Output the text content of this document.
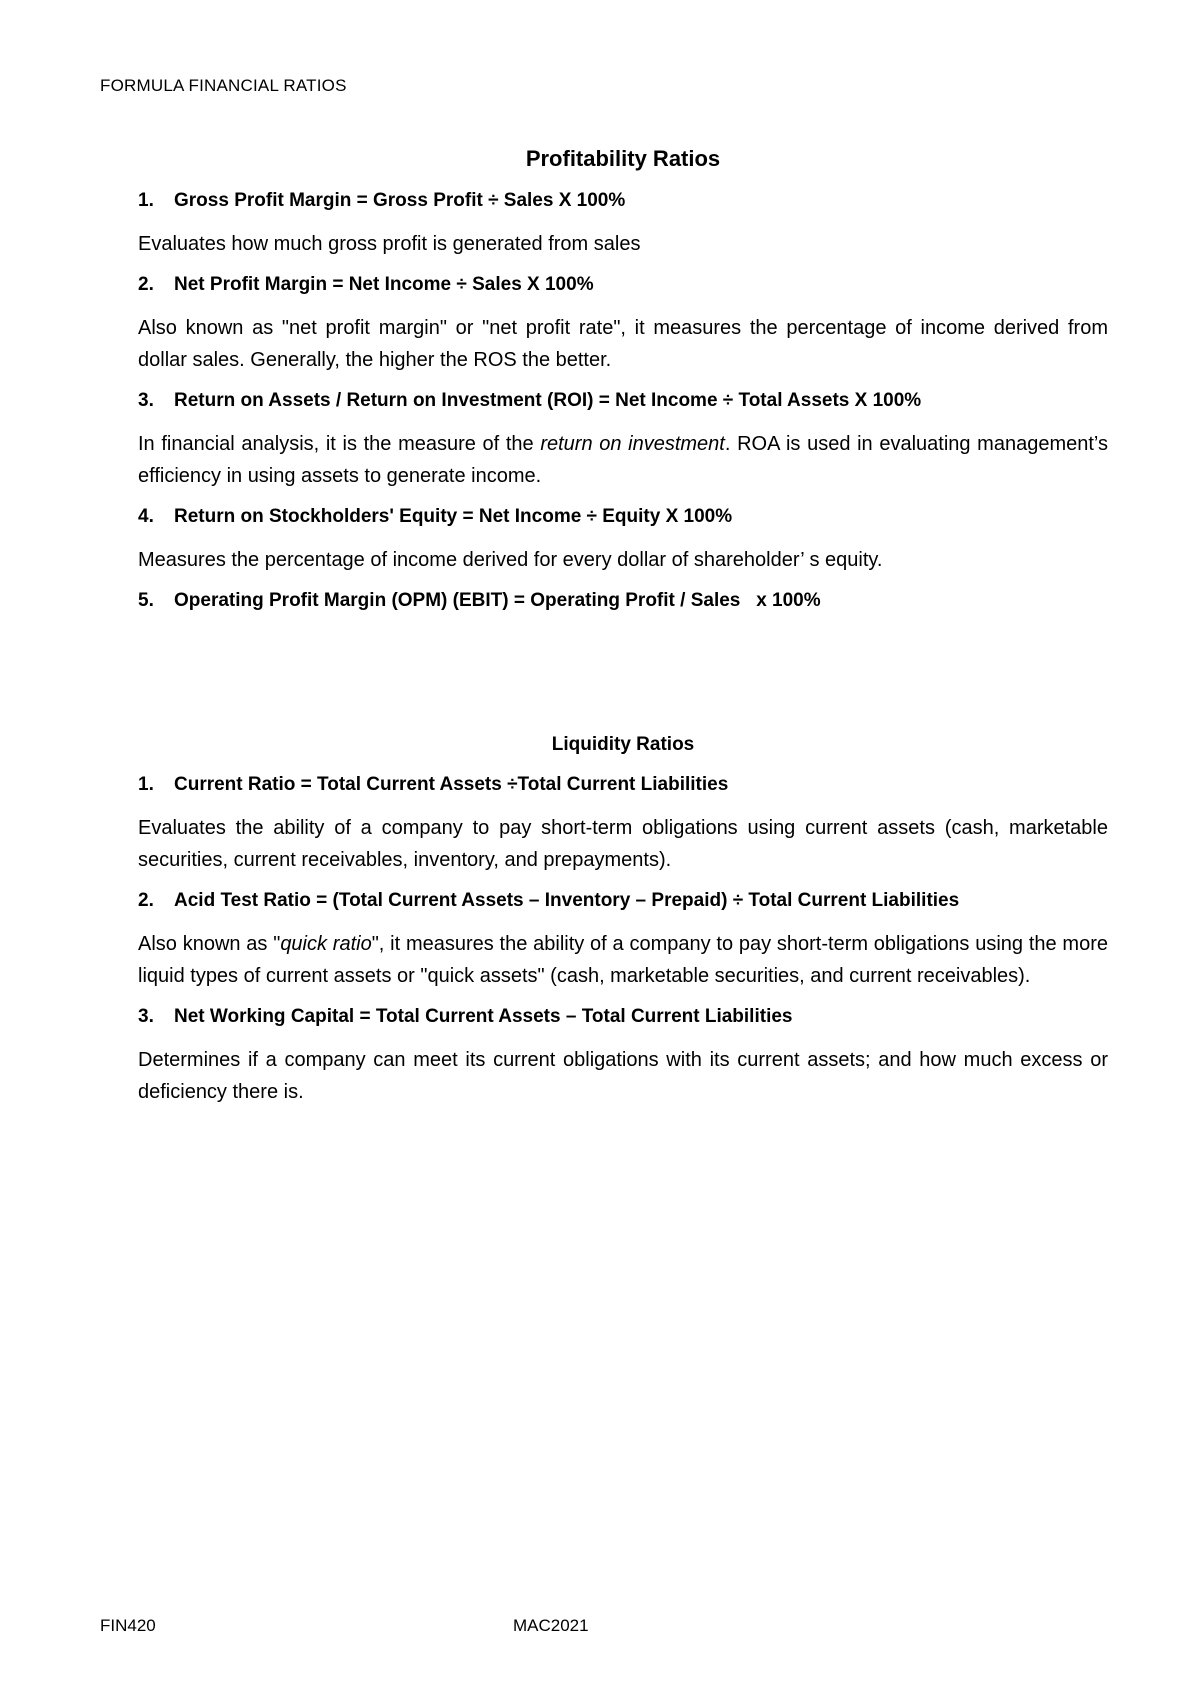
FORMULA FINANCIAL RATIOS
Profitability Ratios

1.	Gross Profit Margin = Gross Profit ÷ Sales X 100%

Evaluates how much gross profit is generated from sales

2.	Net Profit Margin = Net Income ÷ Sales X 100%

Also known as "net profit margin" or "net profit rate", it measures the percentage of income derived from dollar sales. Generally, the higher the ROS the better.

3.	Return on Assets / Return on Investment (ROI) = Net Income ÷ Total Assets X 100%

In financial analysis, it is the measure of the return on investment. ROA is used in evaluating management’s efficiency in using assets to generate income.

4.	Return on Stockholders' Equity = Net Income ÷ Equity X 100%

Measures the percentage of income derived for every dollar of shareholder’ s equity.

5.	Operating Profit Margin (OPM) (EBIT) = Operating Profit / Sales   x 100%

Liquidity Ratios

1.	Current Ratio = Total Current Assets ÷Total Current Liabilities

Evaluates the ability of a company to pay short-term obligations using current assets (cash, marketable securities, current receivables, inventory, and prepayments).

2.	Acid Test Ratio = (Total Current Assets – Inventory – Prepaid) ÷ Total Current Liabilities

Also known as "quick ratio", it measures the ability of a company to pay short-term obligations using the more liquid types of current assets or "quick assets" (cash, marketable securities, and current receivables).

3.	Net Working Capital = Total Current Assets – Total Current Liabilities

Determines if a company can meet its current obligations with its current assets; and how much excess or deficiency there is.

FIN420	MAC2021
